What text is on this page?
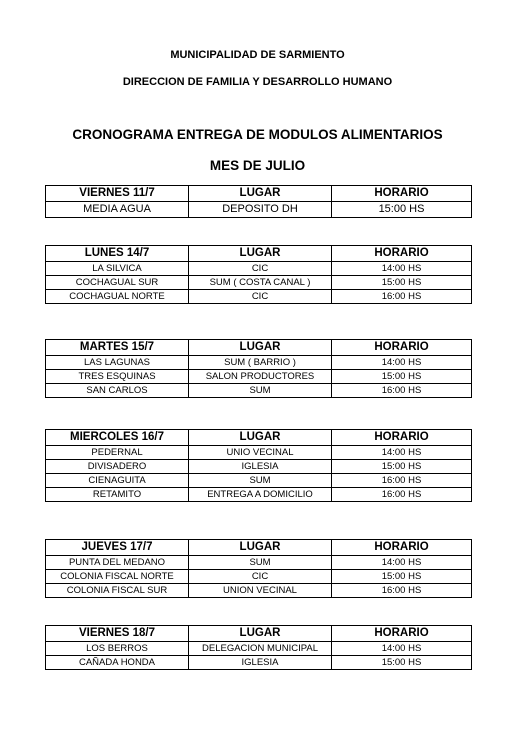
MUNICIPALIDAD DE SARMIENTO
DIRECCION DE FAMILIA Y DESARROLLO HUMANO
CRONOGRAMA ENTREGA DE MODULOS ALIMENTARIOS
MES DE JULIO
VIERNES 11/7	LUGAR	HORARIO
MEDIA AGUA	DEPOSITO DH	15:00 HS
LUNES 14/7	LUGAR	HORARIO
LA SILVICA	CIC	14:00 HS
COCHAGUAL SUR	SUM ( COSTA CANAL )	15:00 HS
COCHAGUAL NORTE	CIC	16:00 HS
MARTES 15/7	LUGAR	HORARIO
LAS LAGUNAS	SUM ( BARRIO )	14:00 HS
TRES ESQUINAS	SALON PRODUCTORES	15:00 HS
SAN CARLOS	SUM	16:00 HS
MIERCOLES 16/7	LUGAR	HORARIO
PEDERNAL	UNIO VECINAL	14:00 HS
DIVISADERO	IGLESIA	15:00 HS
CIENAGUITA	SUM	16:00 HS
RETAMITO	ENTREGA A DOMICILIO	16:00 HS
JUEVES 17/7	LUGAR	HORARIO
PUNTA DEL MEDANO	SUM	14:00 HS
COLONIA FISCAL NORTE	CIC	15:00 HS
COLONIA FISCAL SUR	UNION VECINAL	16:00 HS
VIERNES 18/7	LUGAR	HORARIO
LOS BERROS	DELEGACION MUNICIPAL	14:00 HS
CAÑADA HONDA	IGLESIA	15:00 HS
